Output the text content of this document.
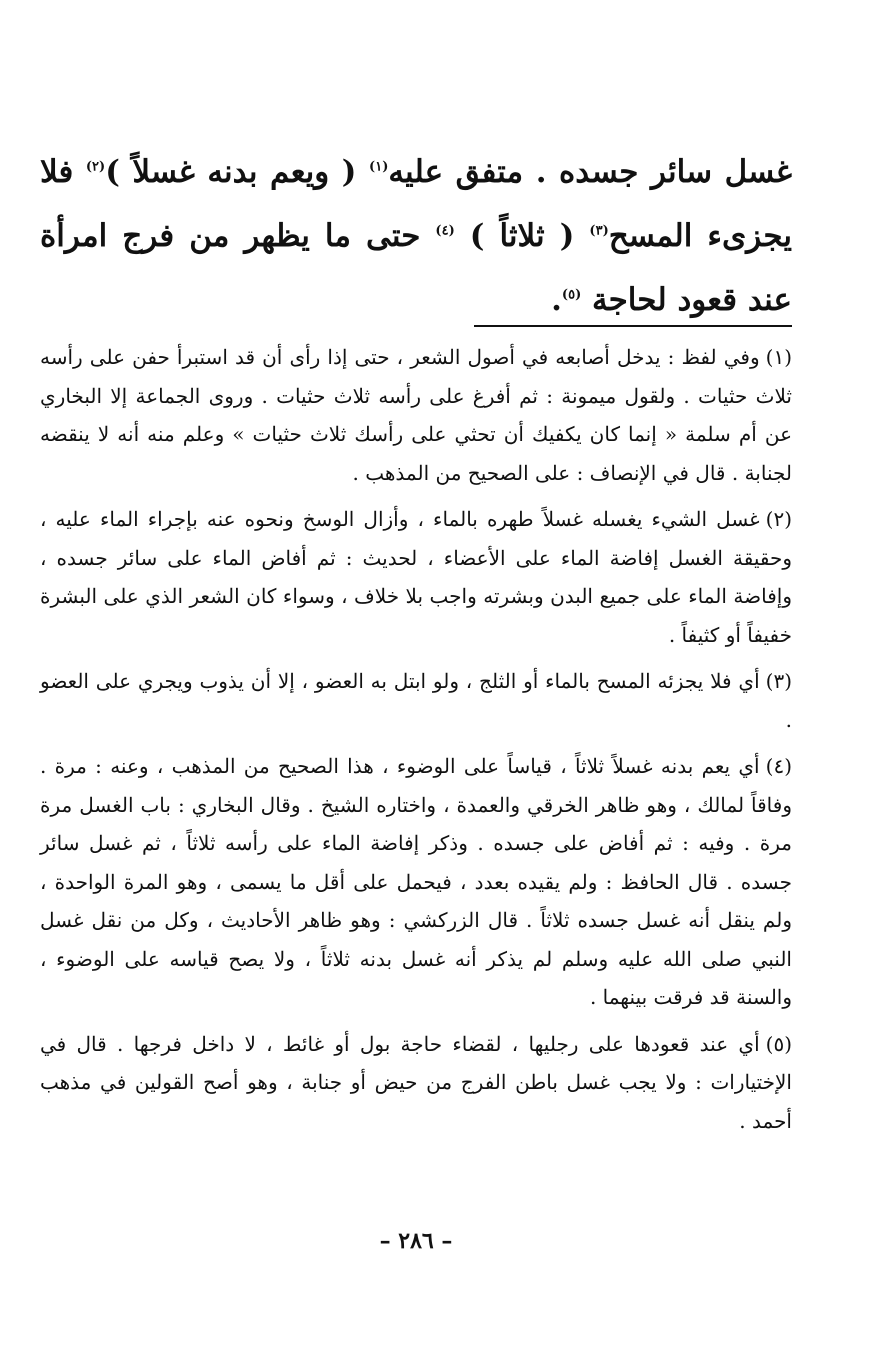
غسل سائر جسده . متفق عليه$^{(١)}$ ( ويعم بدنه غسلاً )$^{(٢)}$ فلا يجزىء المسح$^{(٣)}$ ( ثلاثاً ) $^{(٤)}$ حتى ما يظهر من فرج امرأة عند قعود لحاجة $^{(٥)}$.

(١)وفي لفظ : يدخل أصابعه في أصول الشعر ، حتى إذا رأى أن قد استبرأ حفن على رأسه ثلاث حثيات . ولقول ميمونة : ثم أفرغ على رأسه ثلاث حثيات . وروى الجماعة إلا البخاري عن أم سلمة « إنما كان يكفيك أن تحثي على رأسك ثلاث حثيات » وعلم منه أنه لا ينقضه لجنابة . قال في الإنصاف : على الصحيح من المذهب .

(٢)غسل الشيء يغسله غسلاً طهره بالماء ، وأزال الوسخ ونحوه عنه بإجراء الماء عليه ، وحقيقة الغسل إفاضة الماء على الأعضاء ، لحديث : ثم أفاض الماء على سائر جسده ، وإفاضة الماء على جميع البدن وبشرته واجب بلا خلاف ، وسواء كان الشعر الذي على البشرة خفيفاً أو كثيفاً .

(٣)أي فلا يجزئه المسح بالماء أو الثلج ، ولو ابتل به العضو ، إلا أن يذوب ويجري على العضو .

(٤)أي يعم بدنه غسلاً ثلاثاً ، قياساً على الوضوء ، هذا الصحيح من المذهب ، وعنه : مرة . وفاقاً لمالك ، وهو ظاهر الخرقي والعمدة ، واختاره الشيخ . وقال البخاري : باب الغسل مرة مرة . وفيه : ثم أفاض على جسده . وذكر إفاضة الماء على رأسه ثلاثاً ، ثم غسل سائر جسده . قال الحافظ : ولم يقيده بعدد ، فيحمل على أقل ما يسمى ، وهو المرة الواحدة ، ولم ينقل أنه غسل جسده ثلاثاً . قال الزركشي : وهو ظاهر الأحاديث ، وكل من نقل غسل النبي صلى الله عليه وسلم لم يذكر أنه غسل بدنه ثلاثاً ، ولا يصح قياسه على الوضوء ، والسنة قد فرقت بينهما .

(٥)أي عند قعودها على رجليها ، لقضاء حاجة بول أو غائط ، لا داخل فرجها . قال في الإختيارات : ولا يجب غسل باطن الفرج من حيض أو جنابة ، وهو أصح القولين في مذهب أحمد .

– ٢٨٦ –
